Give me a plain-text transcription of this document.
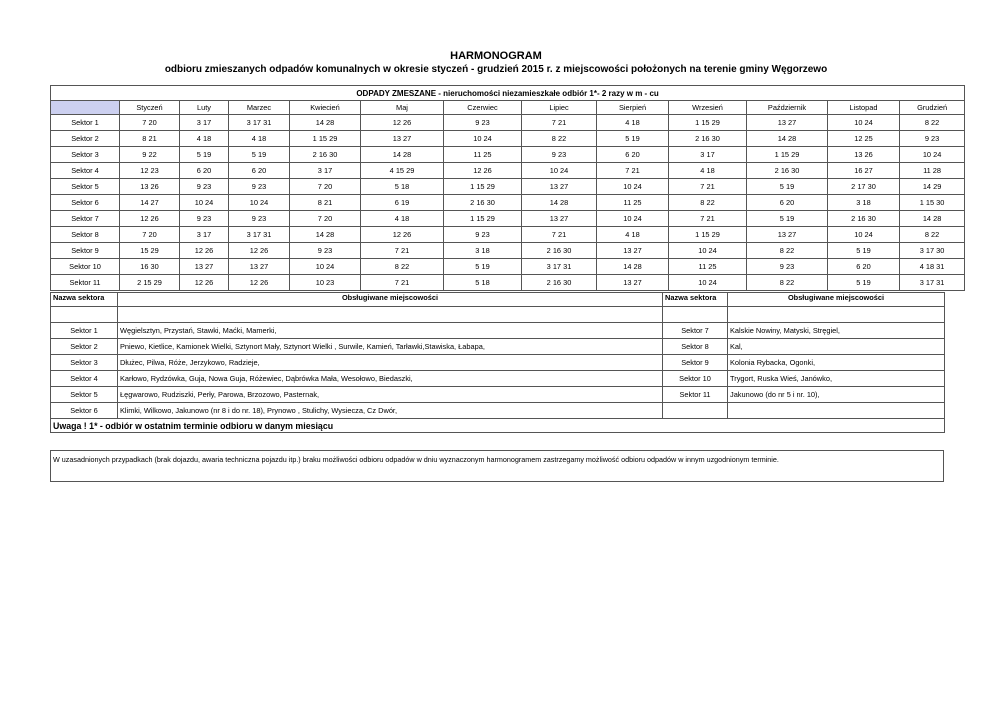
HARMONOGRAM
odbioru zmieszanych odpadów komunalnych w okresie styczeń - grudzień 2015 r. z miejscowości położonych na terenie gminy Węgorzewo
ODPADY ZMESZANE - nieruchomości niezamieszkałe odbiór 1*- 2 razy w m - cu												
	Styczeń	Luty	Marzec	Kwiecień	Maj	Czerwiec	Lipiec	Sierpień	Wrzesień	Październik	Listopad	Grudzień
Sektor 1	7 20	3 17	3 17 31	14 28	12 26	9 23	7 21	4 18	1 15 29	13 27	10 24	8 22
Sektor 2	8 21	4 18	4 18	1 15 29	13 27	10 24	8 22	5 19	2 16 30	14 28	12 25	9 23
Sektor 3	9 22	5 19	5 19	2 16 30	14 28	11 25	9 23	6 20	3 17	1 15 29	13 26	10 24
Sektor 4	12 23	6 20	6 20	3 17	4 15 29	12 26	10 24	7 21	4 18	2 16 30	16 27	11 28
Sektor 5	13 26	9 23	9 23	7 20	5 18	1 15 29	13 27	10 24	7 21	5 19	2 17 30	14 29
Sektor 6	14 27	10 24	10 24	8 21	6 19	2 16 30	14 28	11 25	8 22	6 20	3 18	1 15 30
Sektor 7	12 26	9 23	9 23	7 20	4 18	1 15 29	13 27	10 24	7 21	5 19	2 16 30	14 28
Sektor 8	7 20	3 17	3 17 31	14 28	12 26	9 23	7 21	4 18	1 15 29	13 27	10 24	8 22
Sektor 9	15 29	12 26	12 26	9 23	7 21	3 18	2 16 30	13 27	10 24	8 22	5 19	3 17 30
Sektor 10	16 30	13 27	13 27	10 24	8 22	5 19	3 17 31	14 28	11 25	9 23	6 20	4 18 31
Sektor 11	2 15 29	12 26	12 26	10 23	7 21	5 18	2 16 30	13 27	10 24	8 22	5 19	3 17 31
Nazwa sektora	Obsługiwane miejscowości	Nazwa sektora	Obsługiwane miejscowości

Sektor 1	Węgielsztyn, Przystań, Stawki, Maćki, Mamerki,	Sektor 7	Kalskie Nowiny, Matyski, Stręgiel,
Sektor 2	Pniewo, Kietlice, Kamionek Wielki, Sztynort Mały, Sztynort Wielki , Surwile, Kamień, Tarławki,Stawiska, Łabapa,	Sektor 8	Kal,
Sektor 3	Dłużec, Pilwa, Róże, Jerzykowo, Radzieje,	Sektor 9	Kolonia Rybacka, Ogonki,
Sektor 4	Karłowo, Rydzówka, Guja, Nowa Guja, Różewiec, Dąbrówka Mała, Wesołowo, Biedaszki,	Sektor 10	Trygort, Ruska Wieś, Janówko,
Sektor 5	Łęgwarowo, Rudziszki, Perły, Parowa, Brzozowo, Pasternak,	Sektor 11	Jakunowo (do nr 5 i nr. 10),
Sektor 6	Klimki, Wilkowo, Jakunowo (nr 8 i do nr. 18), Prynowo , Stulichy, Wysiecza, Cz Dwór,		
Uwaga ! 1* - odbiór w ostatnim terminie odbioru w danym miesiącu			
W uzasadnionych przypadkach (brak dojazdu, awaria techniczna pojazdu itp.) braku możliwości odbioru odpadów w dniu wyznaczonym harmonogramem zastrzegamy możliwość odbioru odpadów w innym uzgodnionym terminie.
